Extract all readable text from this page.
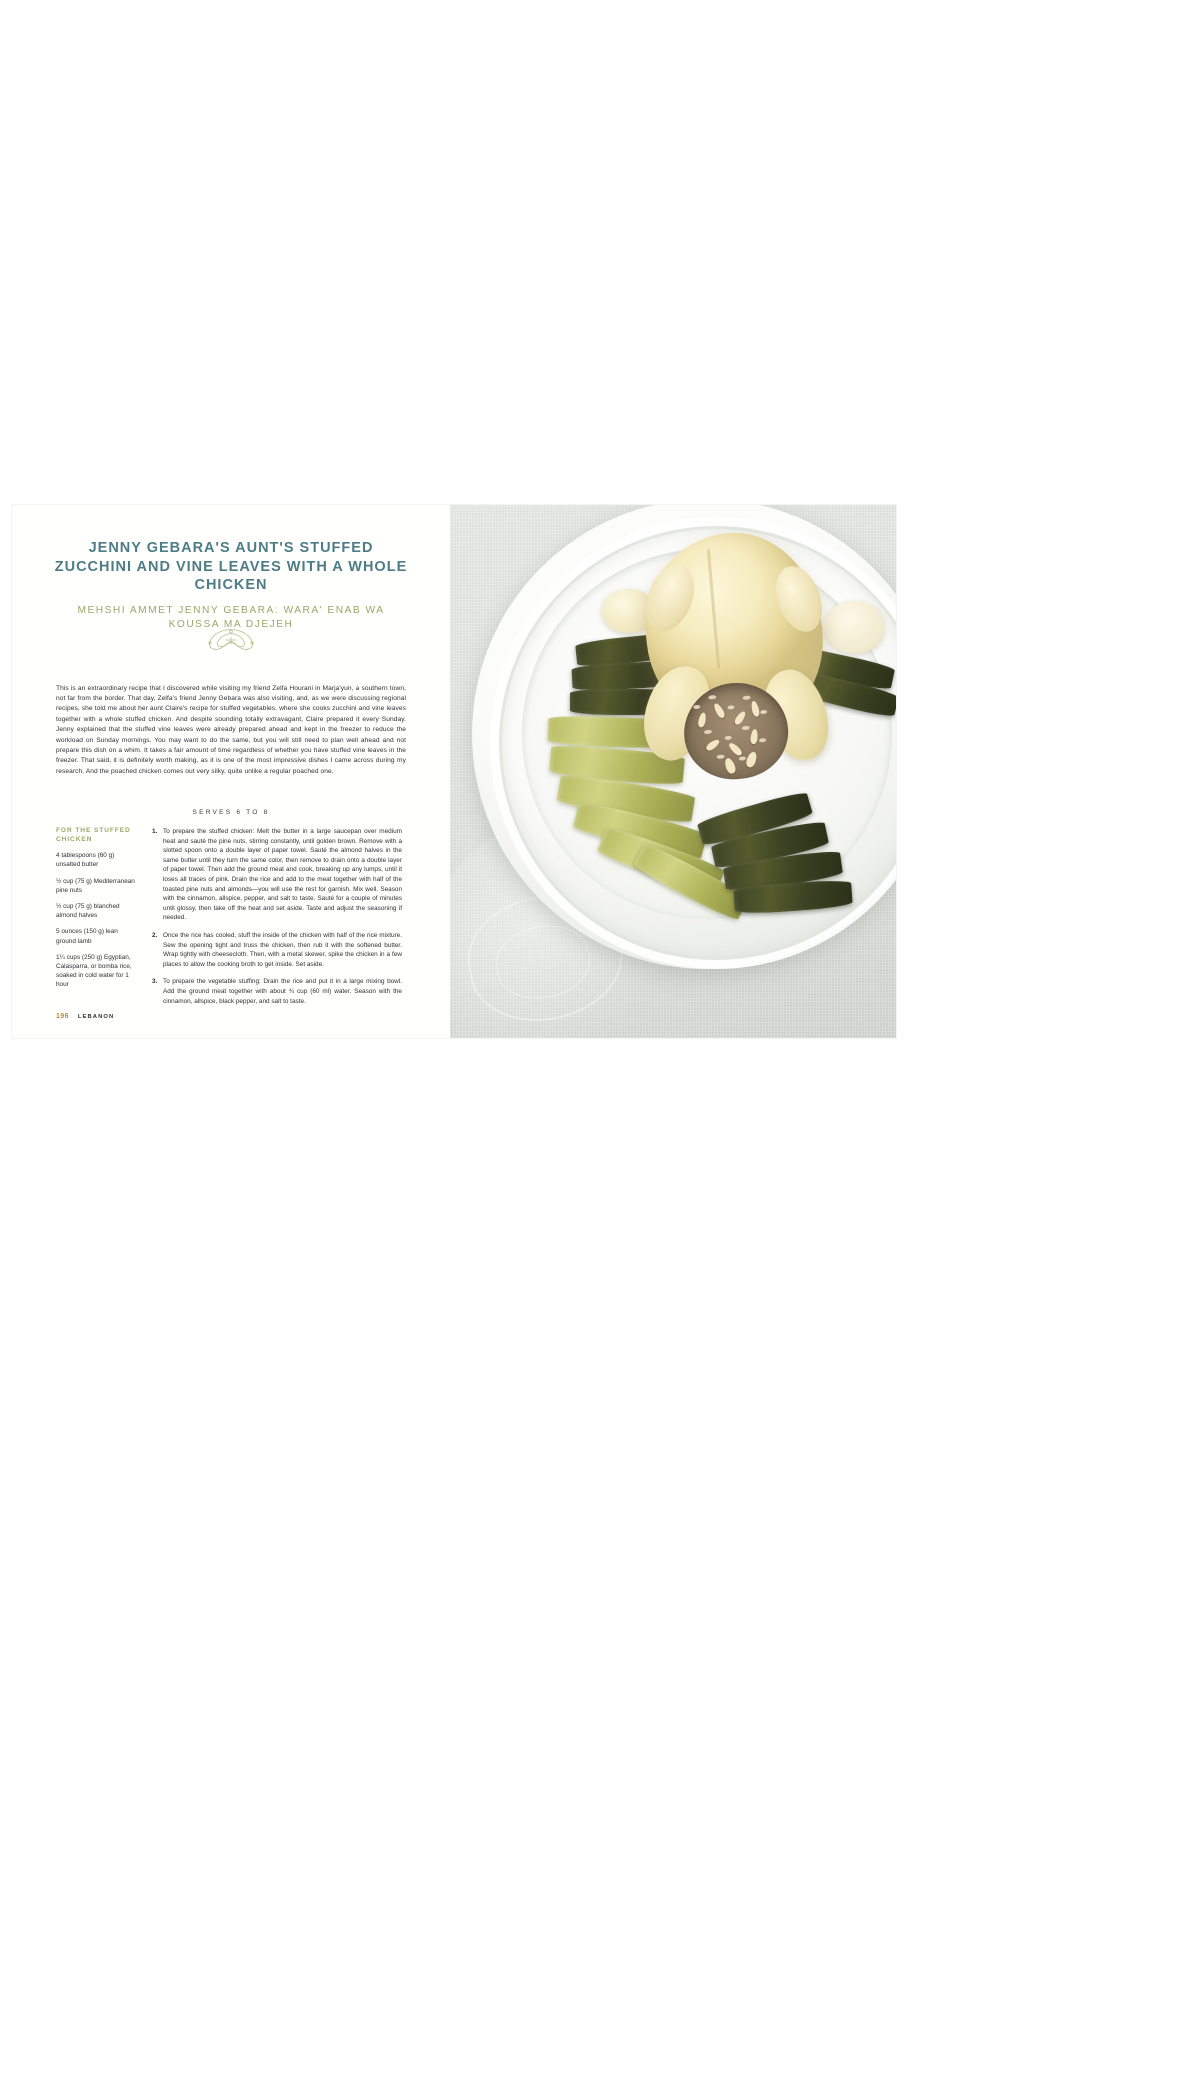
JENNY GEBARA'S AUNT'S STUFFED ZUCCHINI AND VINE LEAVES WITH A WHOLE CHICKEN
MEHSHI AMMET JENNY GEBARA: WARA' ENAB WA KOUSSA MA DJEJEH

This is an extraordinary recipe that I discovered while visiting my friend Zelfa Hourani in Marja'yun, a southern town, not far from the border. That day, Zelfa's friend Jenny Gebara was also visiting, and, as we were discussing regional recipes, she told me about her aunt Claire's recipe for stuffed vegetables, where she cooks zucchini and vine leaves together with a whole stuffed chicken. And despite sounding totally extravagant, Claire prepared it every Sunday. Jenny explained that the stuffed vine leaves were already prepared ahead and kept in the freezer to reduce the workload on Sunday mornings. You may want to do the same, but you will still need to plan well ahead and not prepare this dish on a whim. It takes a fair amount of time regardless of whether you have stuffed vine leaves in the freezer. That said, it is definitely worth making, as it is one of the most impressive dishes I came across during my research. And the poached chicken comes out very silky, quite unlike a regular poached one.

SERVES 6 TO 8
FOR THE STUFFED CHICKEN
4 tablespoons (60 g) unsalted butter
½ cup (75 g) Mediterranean pine nuts
½ cup (75 g) blanched almond halves
5 ounces (150 g) lean ground lamb
1¼ cups (250 g) Egyptian, Calasparra, or bomba rice, soaked in cold water for 1 hour
1. To prepare the stuffed chicken: Melt the butter in a large saucepan over medium heat and sauté the pine nuts, stirring constantly, until golden brown. Remove with a slotted spoon onto a double layer of paper towel. Sauté the almond halves in the same butter until they turn the same color, then remove to drain onto a double layer of paper towel. Then add the ground meat and cook, breaking up any lumps, until it loses all traces of pink. Drain the rice and add to the meat together with half of the toasted pine nuts and almonds—you will use the rest for garnish. Mix well. Season with the cinnamon, allspice, pepper, and salt to taste. Sauté for a couple of minutes until glossy, then take off the heat and set aside. Taste and adjust the seasoning if needed.
2. Once the rice has cooled, stuff the inside of the chicken with half of the rice mixture. Sew the opening tight and truss the chicken, then rub it with the softened butter. Wrap tightly with cheesecloth. Then, with a metal skewer, spike the chicken in a few places to allow the cooking broth to get inside. Set aside.
3. To prepare the vegetable stuffing: Drain the rice and put it in a large mixing bowl. Add the ground meat together with about ¾ cup (60 ml) water. Season with the cinnamon, allspice, black pepper, and salt to taste.
196 LEBANON
